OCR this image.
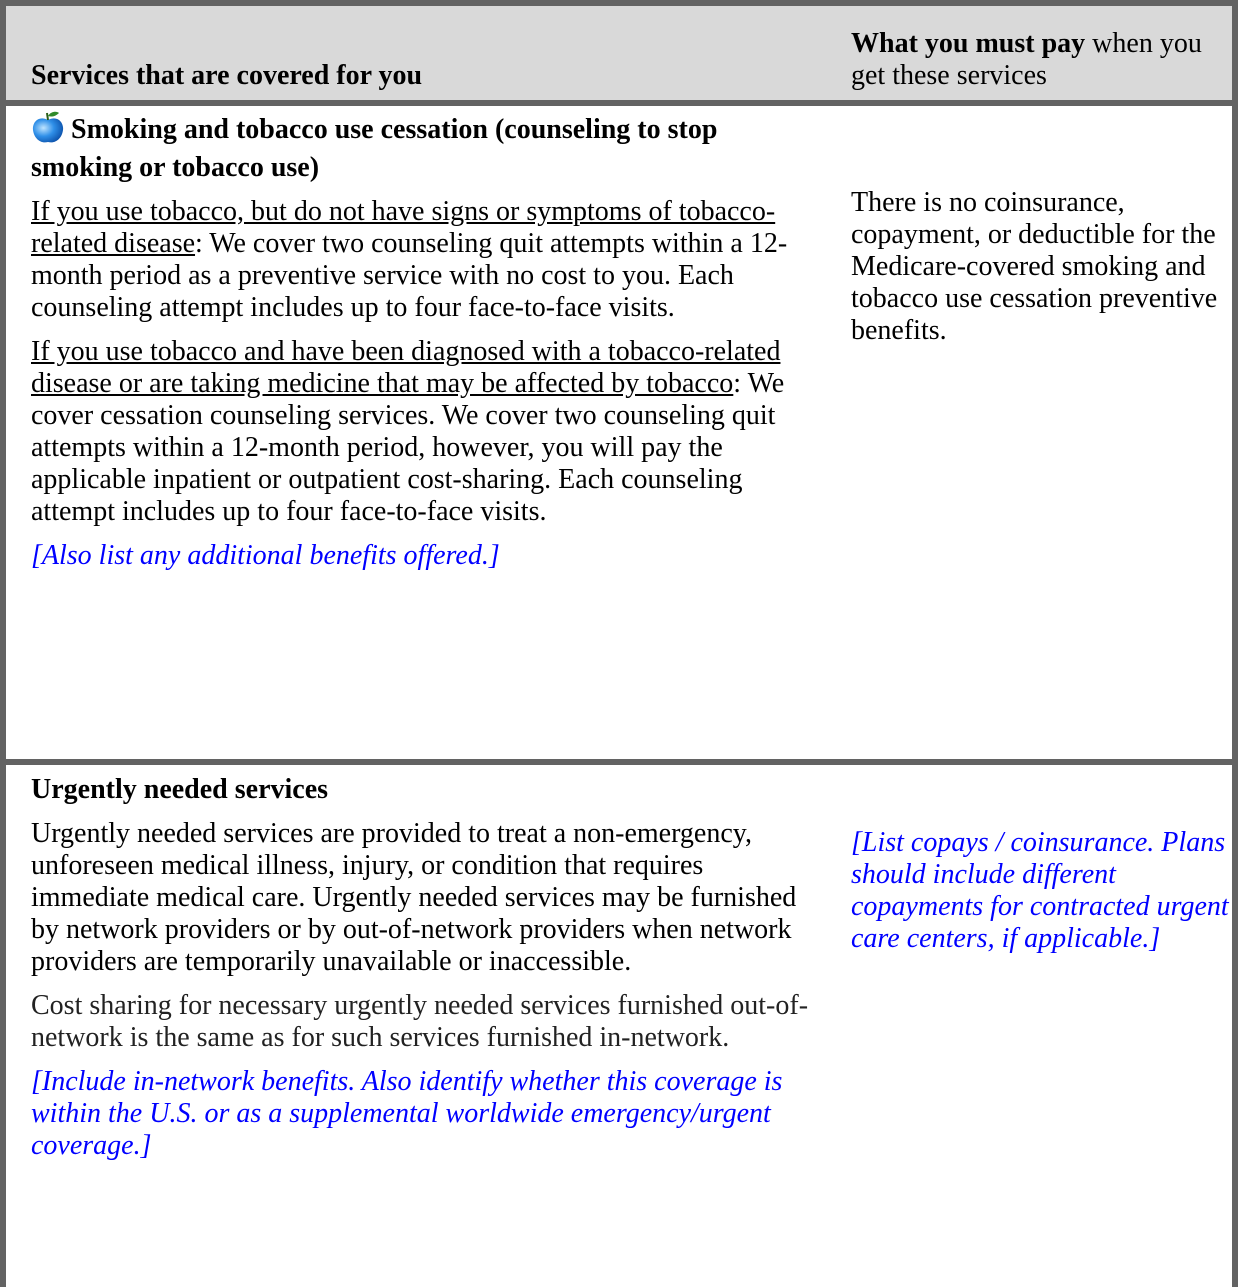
Services that are covered for you	What you must pay when you get these services

Smoking and tobacco use cessation (counseling to stop smoking or tobacco use)

If you use tobacco, but do not have signs or symptoms of tobacco-related disease: We cover two counseling quit attempts within a 12-month period as a preventive service with no cost to you. Each counseling attempt includes up to four face-to-face visits.

If you use tobacco and have been diagnosed with a tobacco-related disease or are taking medicine that may be affected by tobacco: We cover cessation counseling services. We cover two counseling quit attempts within a 12-month period, however, you will pay the applicable inpatient or outpatient cost-sharing. Each counseling attempt includes up to four face-to-face visits.

[Also list any additional benefits offered.]	There is no coinsurance, copayment, or deductible for the Medicare-covered smoking and tobacco use cessation preventive benefits.

Urgently needed services

Urgently needed services are provided to treat a non-emergency, unforeseen medical illness, injury, or condition that requires immediate medical care. Urgently needed services may be furnished by network providers or by out-of-network providers when network providers are temporarily unavailable or inaccessible.

Cost sharing for necessary urgently needed services furnished out-of-network is the same as for such services furnished in-network.

[Include in-network benefits. Also identify whether this coverage is within the U.S. or as a supplemental worldwide emergency/urgent coverage.]	[List copays / coinsurance. Plans should include different copayments for contracted urgent care centers, if applicable.]
